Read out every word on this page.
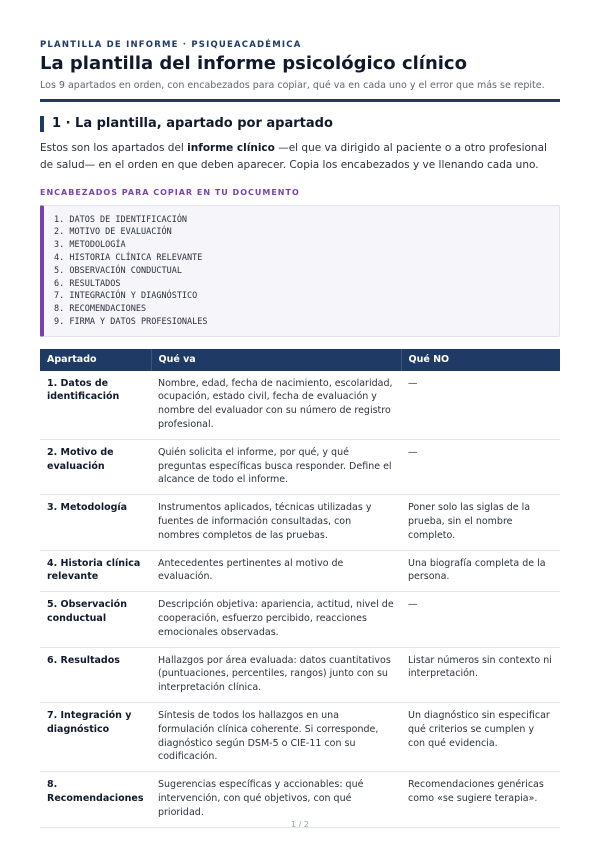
PLANTILLA DE INFORME · PSIQUEACADÉMICA
La plantilla del informe psicológico clínico
Los 9 apartados en orden, con encabezados para copiar, qué va en cada uno y el error que más se repite.
1 · La plantilla, apartado por apartado

Estos son los apartados del informe clínico —el que va dirigido al paciente o a otro profesional de salud— en el orden en que deben aparecer. Copia los encabezados y ve llenando cada uno.

ENCABEZADOS PARA COPIAR EN TU DOCUMENTO
1. DATOS DE IDENTIFICACIÓN
2. MOTIVO DE EVALUACIÓN
3. METODOLOGÍA
4. HISTORIA CLÍNICA RELEVANTE
5. OBSERVACIÓN CONDUCTUAL
6. RESULTADOS
7. INTEGRACIÓN Y DIAGNÓSTICO
8. RECOMENDACIONES
9. FIRMA Y DATOS PROFESIONALES
Apartado	Qué va	Qué NO
1. Datos de identificación	Nombre, edad, fecha de nacimiento, escolaridad, ocupación, estado civil, fecha de evaluación y nombre del evaluador con su número de registro profesional.	—
2. Motivo de evaluación	Quién solicita el informe, por qué, y qué preguntas específicas busca responder. Define el alcance de todo el informe.	—
3. Metodología	Instrumentos aplicados, técnicas utilizadas y fuentes de información consultadas, con nombres completos de las pruebas.	Poner solo las siglas de la prueba, sin el nombre completo.
4. Historia clínica relevante	Antecedentes pertinentes al motivo de evaluación.	Una biografía completa de la persona.
5. Observación conductual	Descripción objetiva: apariencia, actitud, nivel de cooperación, esfuerzo percibido, reacciones emocionales observadas.	—
6. Resultados	Hallazgos por área evaluada: datos cuantitativos (puntuaciones, percentiles, rangos) junto con su interpretación clínica.	Listar números sin contexto ni interpretación.
7. Integración y diagnóstico	Síntesis de todos los hallazgos en una formulación clínica coherente. Si corresponde, diagnóstico según DSM-5 o CIE-11 con su codificación.	Un diagnóstico sin especificar qué criterios se cumplen y con qué evidencia.
8. Recomendaciones	Sugerencias específicas y accionables: qué intervención, con qué objetivos, con qué prioridad.	Recomendaciones genéricas como «se sugiere terapia».
1 / 2
